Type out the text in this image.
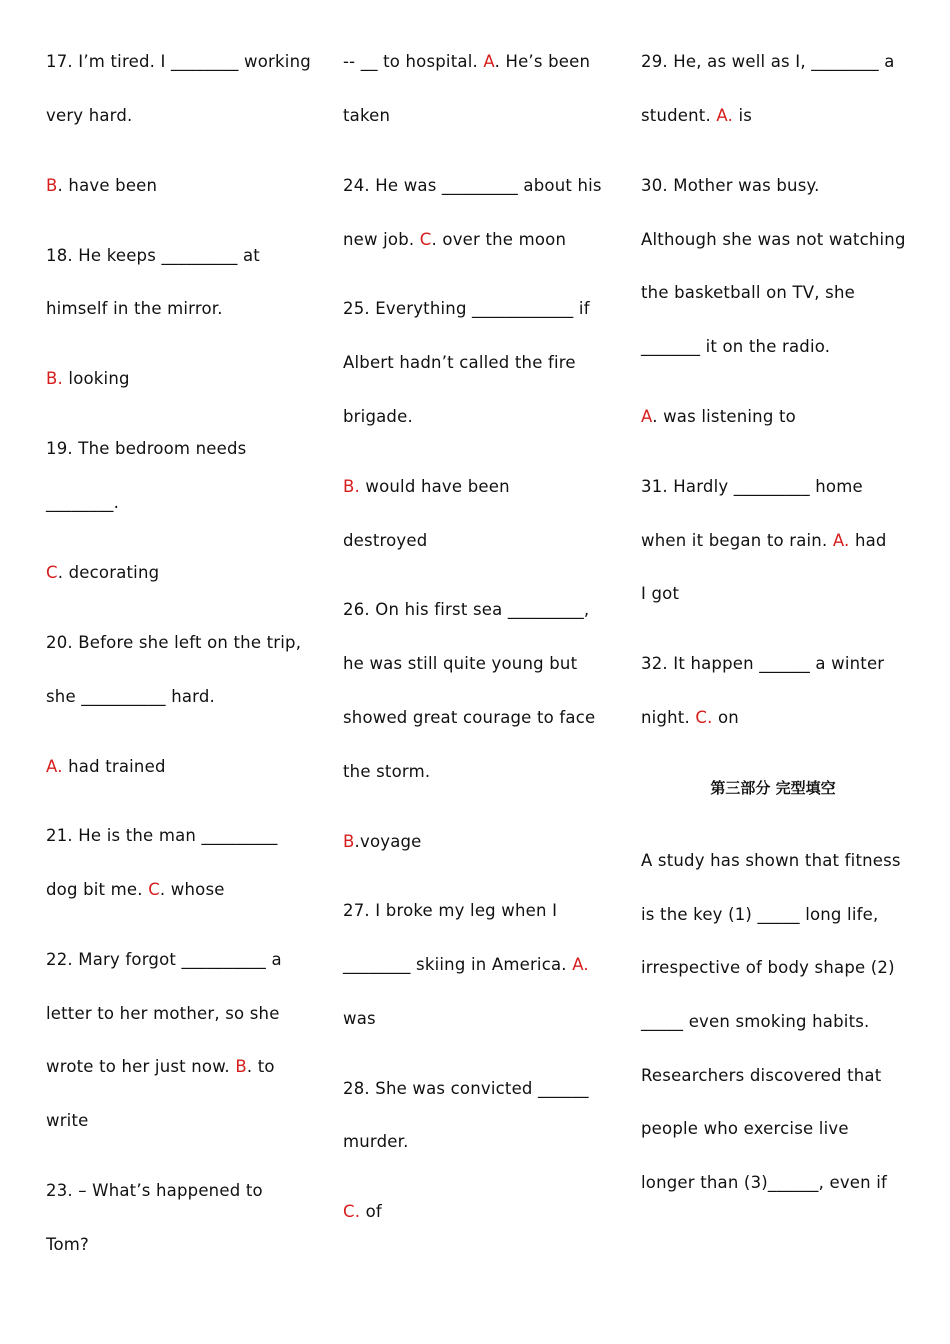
17. I’m tired. I ________ working
very hard.
B. have been
18. He keeps _________ at
himself in the mirror.
B. looking
19. The bedroom needs
________.
C. decorating
20. Before she left on the trip,
she __________ hard.
A. had trained
21. He is the man _________
dog bit me. C. whose
22. Mary forgot __________ a
letter to her mother, so she
wrote to her just now. B. to
write
23. – What’s happened to
Tom?
-- __ to hospital. A. He’s been
taken
24. He was _________ about his
new job. C. over the moon
25. Everything ____________ if
Albert hadn’t called the fire
brigade.
B. would have been
destroyed
26. On his first sea _________,
he was still quite young but
showed great courage to face
the storm.
B.voyage
27. I broke my leg when I
________ skiing in America. A.
was
28. She was convicted ______
murder.
C. of
29. He, as well as I, ________ a
student. A. is
30. Mother was busy.
Although she was not watching
the basketball on TV, she
_______ it on the radio.
A. was listening to
31. Hardly _________ home
when it began to rain. A. had
I got
32. It happen ______ a winter
night. C. on
第三部分 完型填空
A study has shown that fitness
is the key (1) _____ long life,
irrespective of body shape (2)
_____ even smoking habits.
Researchers discovered that
people who exercise live
longer than (3)______, even if
